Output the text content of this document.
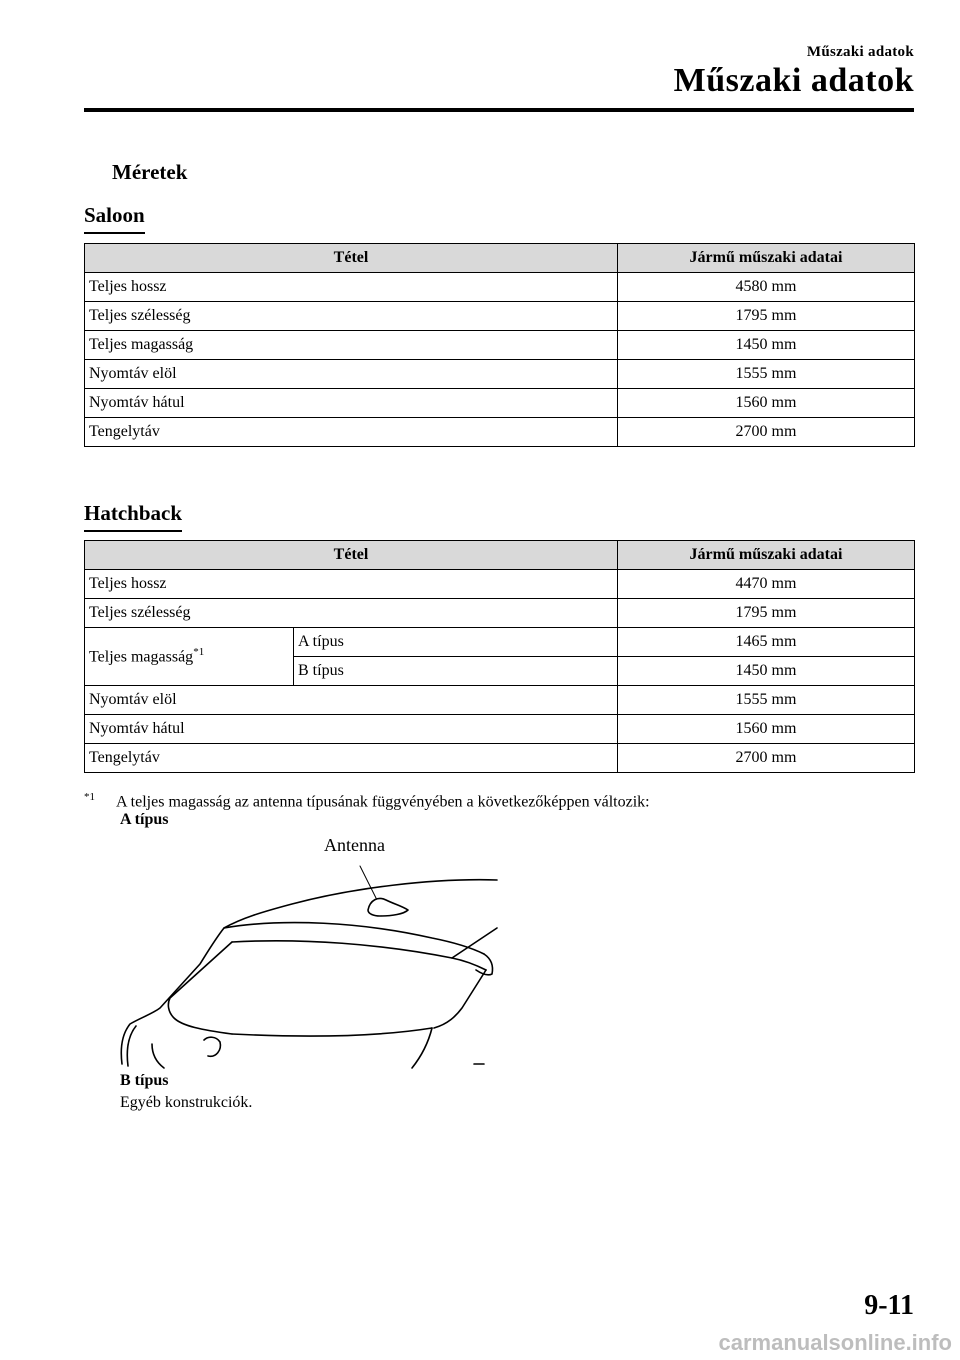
Műszaki adatok
Műszaki adatok
Méretek
Saloon
Tétel	Jármű műszaki adatai
Teljes hossz	4580 mm
Teljes szélesség	1795 mm
Teljes magasság	1450 mm
Nyomtáv elöl	1555 mm
Nyomtáv hátul	1560 mm
Tengelytáv	2700 mm
Hatchback
Tétel		Jármű műszaki adatai
Teljes hossz		4470 mm
Teljes szélesség		1795 mm
Teljes magasság$^{*1}$	A típus	1465 mm
	B típus	1450 mm
Nyomtáv elöl		1555 mm
Nyomtáv hátul		1560 mm
Tengelytáv		2700 mm
$^{*1}$ A teljes magasság az antenna típusának függvényében a következőképpen változik:
A típus
Antenna
B típus
Egyéb konstrukciók.
9-11
carmanualsonline.info
